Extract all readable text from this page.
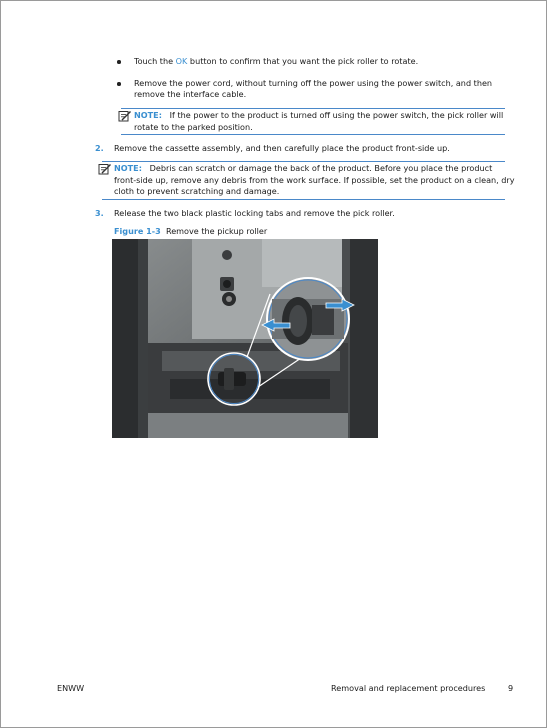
Touch the OK button to confirm that you want the pick roller to rotate.
Remove the power cord, without turning off the power using the power switch, and then
remove the interface cable.
NOTE: If the power to the product is turned off using the power switch, the pick roller will
rotate to the parked position.
2. Remove the cassette assembly, and then carefully place the product front-side up.
NOTE: Debris can scratch or damage the back of the product. Before you place the product
front-side up, remove any debris from the work surface. If possible, set the product on a clean, dry
cloth to prevent scratching and damage.
3. Release the two black plastic locking tabs and remove the pick roller.
Figure 1-3 Remove the pickup roller
ENWW	Removal and replacement procedures	9
